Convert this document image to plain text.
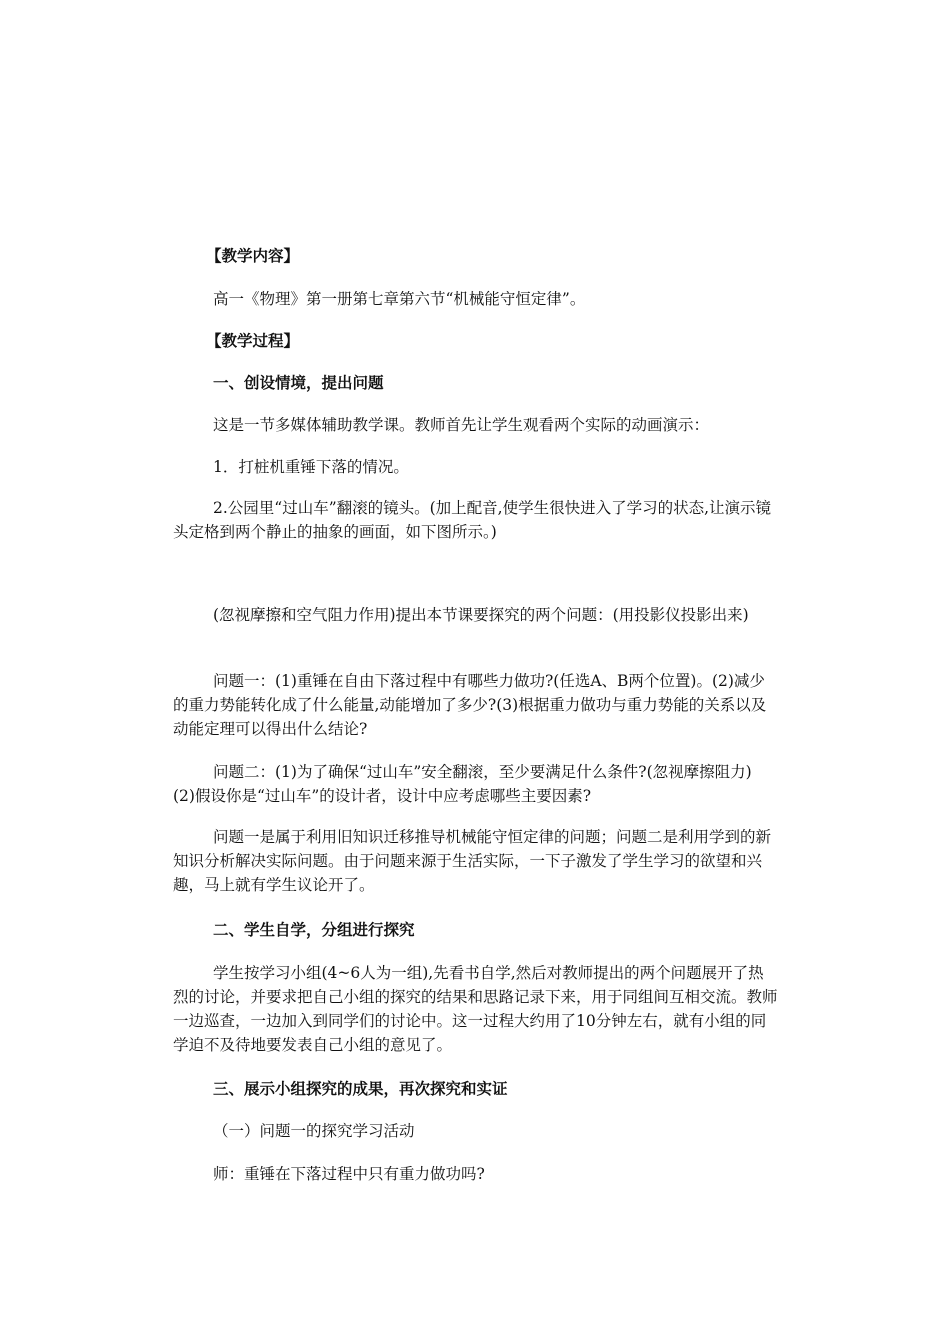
【教学内容】

高一《物理》第一册第七章第六节“机械能守恒定律”。

【教学过程】

一、创设情境，提出问题

这是一节多媒体辅助教学课。教师首先让学生观看两个实际的动画演示：

1．打桩机重锤下落的情况。

2.公园里“过山车”翻滚的镜头。(加上配音,使学生很快进入了学习的状态,让演示镜头定格到两个静止的抽象的画面，如下图所示。)

(忽视摩擦和空气阻力作用)提出本节课要探究的两个问题：(用投影仪投影出来)

问题一：(1)重锤在自由下落过程中有哪些力做功?(任选A、B两个位置)。(2)减少的重力势能转化成了什么能量,动能增加了多少?(3)根据重力做功与重力势能的关系以及动能定理可以得出什么结论?

问题二：(1)为了确保“过山车”安全翻滚，至少要满足什么条件?(忽视摩擦阻力) (2)假设你是“过山车”的设计者，设计中应考虑哪些主要因素?

问题一是属于利用旧知识迁移推导机械能守恒定律的问题；问题二是利用学到的新知识分析解决实际问题。由于问题来源于生活实际，一下子激发了学生学习的欲望和兴趣，马上就有学生议论开了。

二、学生自学，分组进行探究

学生按学习小组(4~6人为一组),先看书自学,然后对教师提出的两个问题展开了热烈的讨论，并要求把自己小组的探究的结果和思路记录下来，用于同组间互相交流。教师一边巡查，一边加入到同学们的讨论中。这一过程大约用了10分钟左右，就有小组的同学迫不及待地要发表自己小组的意见了。

三、展示小组探究的成果，再次探究和实证

（一）问题一的探究学习活动

师：重锤在下落过程中只有重力做功吗?
